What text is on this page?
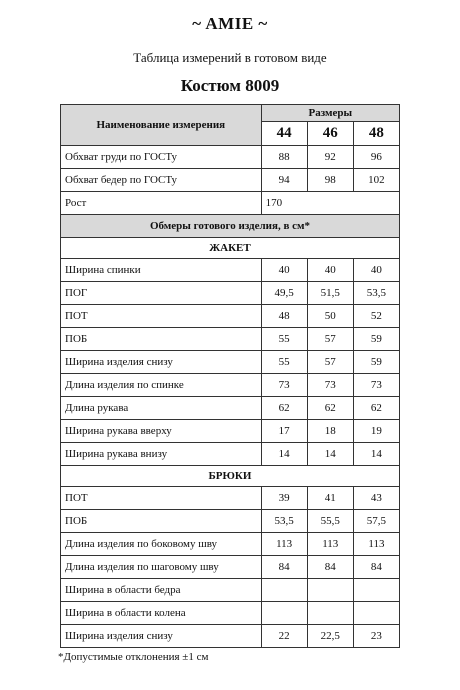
~ AMIE ~
Таблица измерений в готовом виде
Костюм 8009
Наименование измерения	Размеры		
	44	46	48
Обхват груди по ГОСТу	88	92	96
Обхват бедер по ГОСТу	94	98	102
Рост	170		
Обмеры готового изделия, в см*			
ЖАКЕТ			
Ширина спинки	40	40	40
ПОГ	49,5	51,5	53,5
ПОТ	48	50	52
ПОБ	55	57	59
Ширина изделия снизу	55	57	59
Длина изделия по спинке	73	73	73
Длина рукава	62	62	62
Ширина рукава вверху	17	18	19
Ширина рукава внизу	14	14	14
БРЮКИ			
ПОТ	39	41	43
ПОБ	53,5	55,5	57,5
Длина изделия по боковому шву	113	113	113
Длина изделия по шаговому шву	84	84	84
Ширина в области бедра			
Ширина в области колена			
Ширина изделия снизу	22	22,5	23
*Допустимые отклонения ±1 см
